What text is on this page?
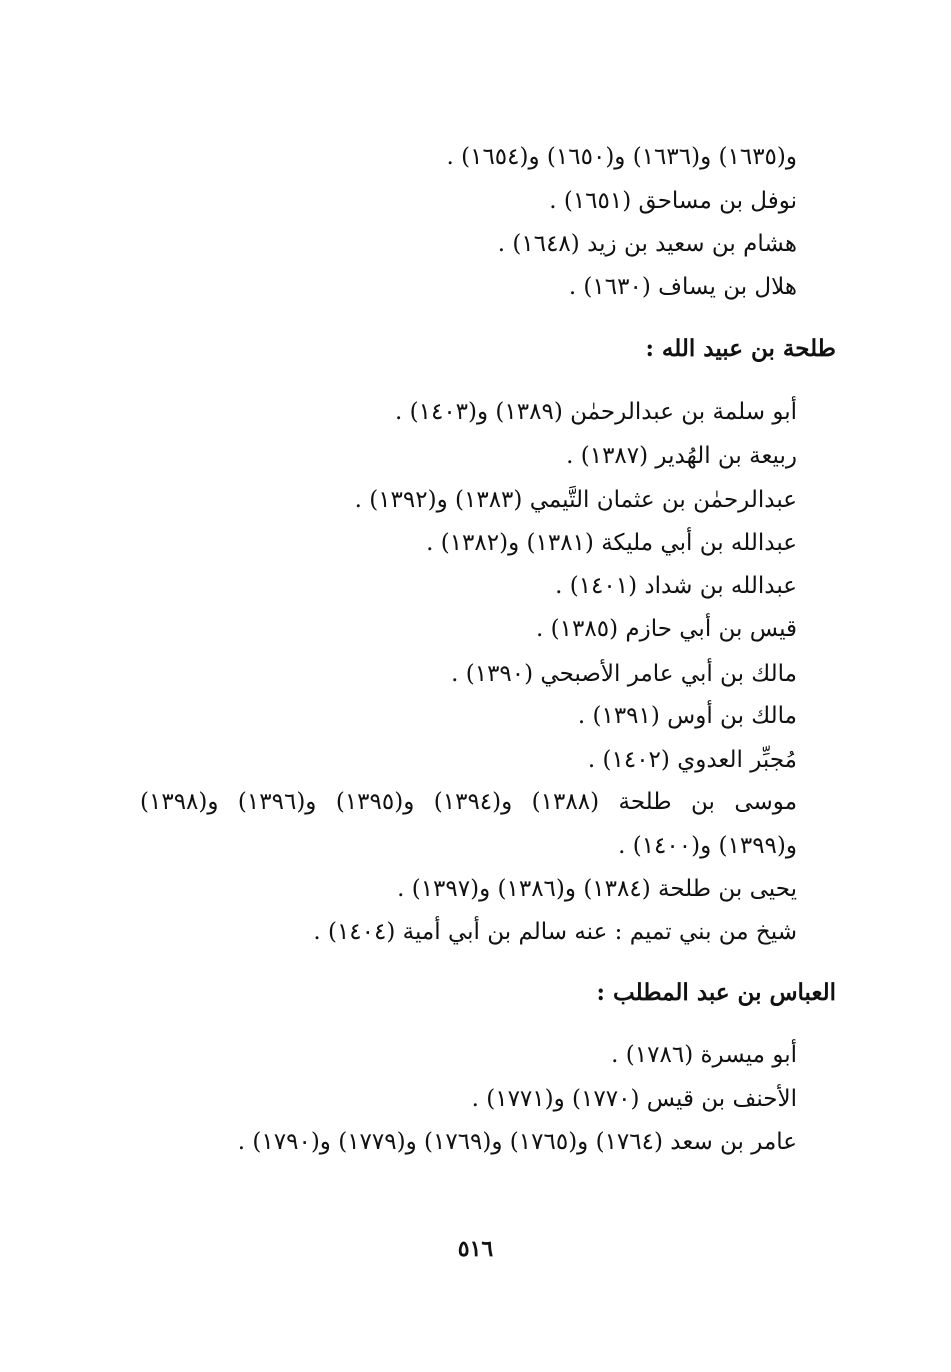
و(١٦٣٥) و(١٦٣٦) و(١٦٥٠) و(١٦٥٤) .
نوفل بن مساحق (١٦٥١) .
هشام بن سعيد بن زيد (١٦٤٨) .
هلال بن يساف (١٦٣٠) .
طلحة بن عبيد الله :
أبو سلمة بن عبدالرحمٰن (١٣٨٩) و(١٤٠٣) .
ربيعة بن الهُدير (١٣٨٧) .
عبدالرحمٰن بن عثمان التَّيمي (١٣٨٣) و(١٣٩٢) .
عبدالله بن أبي مليكة (١٣٨١) و(١٣٨٢) .
عبدالله بن شداد (١٤٠١) .
قيس بن أبي حازم (١٣٨٥) .
مالك بن أبي عامر الأصبحي (١٣٩٠) .
مالك بن أوس (١٣٩١) .
مُجبِّر العدوي (١٤٠٢) .
موسى بن طلحة (١٣٨٨) و(١٣٩٤) و(١٣٩٥) و(١٣٩٦) و(١٣٩٨)
و(١٣٩٩) و(١٤٠٠) .
يحيى بن طلحة (١٣٨٤) و(١٣٨٦) و(١٣٩٧) .
شيخ من بني تميم : عنه سالم بن أبي أمية (١٤٠٤) .
العباس بن عبد المطلب :
أبو ميسرة (١٧٨٦) .
الأحنف بن قيس (١٧٧٠) و(١٧٧١) .
عامر بن سعد (١٧٦٤) و(١٧٦٥) و(١٧٦٩) و(١٧٧٩) و(١٧٩٠) .
٥١٦
